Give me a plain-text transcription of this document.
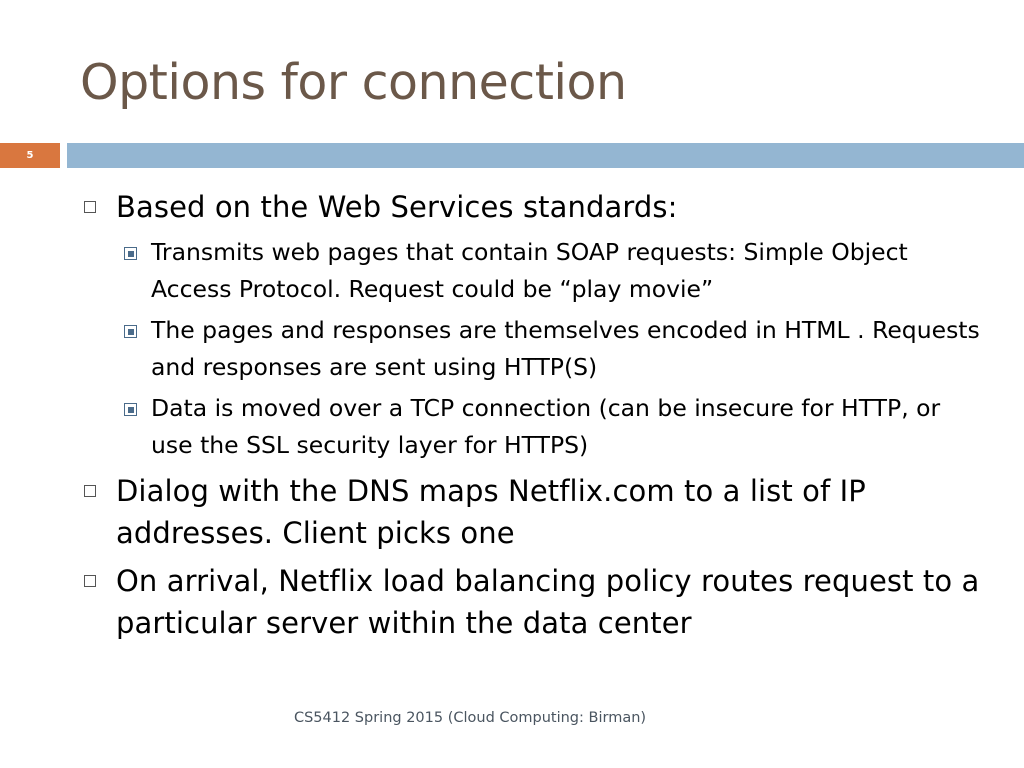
Options for connection
5
Based on the Web Services standards:
Transmits web pages that contain SOAP requests: Simple Object Access Protocol. Request could be “play movie”
The pages and responses are themselves encoded in HTML . Requests and responses are sent using HTTP(S)
Data is moved over a TCP connection (can be insecure for HTTP, or use the SSL security layer for HTTPS)
Dialog with the DNS maps Netflix.com to a list of IP addresses. Client picks one
On arrival, Netflix load balancing policy routes request to a particular server within the data center
CS5412 Spring 2015 (Cloud Computing: Birman)
